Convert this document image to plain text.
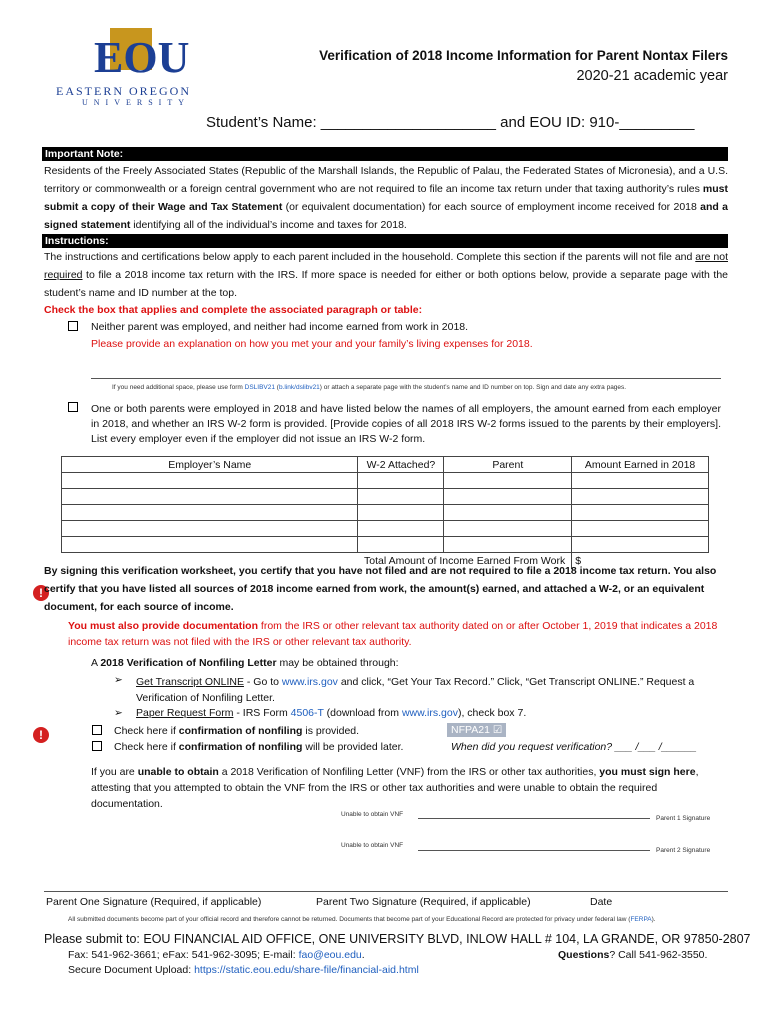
EOU
EASTERN OREGON
UNIVERSITY
Verification of 2018 Income Information for Parent Nontax Filers
2020-21 academic year
Student’s Name: _____________________ and EOU ID: 910-_________
Important Note:
Residents of the Freely Associated States (Republic of the Marshall Islands, the Republic of Palau, the Federated States of Micronesia), and a U.S. territory or commonwealth or a foreign central government who are not required to file an income tax return under that taxing authority’s rules must submit a copy of their Wage and Tax Statement (or equivalent documentation) for each source of employment income received for 2018 and a signed statement identifying all of the individual’s income and taxes for 2018.
Instructions:
The instructions and certifications below apply to each parent included in the household. Complete this section if the parents will not file and are not required to file a 2018 income tax return with the IRS. If more space is needed for either or both options below, provide a separate page with the student’s name and ID number at the top.
Check the box that applies and complete the associated paragraph or table:
Neither parent was employed, and neither had income earned from work in 2018.
Please provide an explanation on how you met your and your family’s living expenses for 2018.
If you need additional space, please use form DSLIBV21 (b.link/dslibv21) or attach a separate page with the student’s name and ID number on top. Sign and date any extra pages.
One or both parents were employed in 2018 and have listed below the names of all employers, the amount earned from each employer in 2018, and whether an IRS W-2 form is provided. [Provide copies of all 2018 IRS W-2 forms issued to the parents by their employers]. List every employer even if the employer did not issue an IRS W-2 form.
Employer’s Name	W-2 Attached?	Parent	Amount Earned in 2018

Total Amount of Income Earned From Work			$
!
By signing this verification worksheet, you certify that you have not filed and are not required to file a 2018 income tax return. You also certify that you have listed all sources of 2018 income earned from work, the amount(s) earned, and attached a W-2, or an equivalent document, for each source of income.
You must also provide documentation from the IRS or other relevant tax authority dated on or after October 1, 2019 that indicates a 2018 income tax return was not filed with the IRS or other relevant tax authority.
A 2018 Verification of Nonfiling Letter may be obtained through:
➢ Get Transcript ONLINE - Go to www.irs.gov and click, “Get Your Tax Record.” Click, “Get Transcript ONLINE.” Request a Verification of Nonfiling Letter.
➢ Paper Request Form - IRS Form 4506-T (download from www.irs.gov), check box 7.
!	Check here if confirmation of nonfiling is provided.	NFPA21 ☑
Check here if confirmation of nonfiling will be provided later.	When did you request verification? ___ /___ /______
If you are unable to obtain a 2018 Verification of Nonfiling Letter (VNF) from the IRS or other tax authorities, you must sign here, attesting that you attempted to obtain the VNF from the IRS or other tax authorities and were unable to obtain the required documentation.
Unable to obtain VNF
Parent 1 Signature
Unable to obtain VNF
Parent 2 Signature
Parent One Signature (Required, if applicable)	Parent Two Signature (Required, if applicable)	Date
All submitted documents become part of your official record and therefore cannot be returned. Documents that become part of your Educational Record are protected for privacy under federal law (FERPA).
Please submit to: EOU FINANCIAL AID OFFICE, ONE UNIVERSITY BLVD, INLOW HALL # 104, LA GRANDE, OR 97850-2807
Fax: 541-962-3661; eFax: 541-962-3095; E-mail: fao@eou.edu.	Questions? Call 541-962-3550.
Secure Document Upload: https://static.eou.edu/share-file/financial-aid.html
